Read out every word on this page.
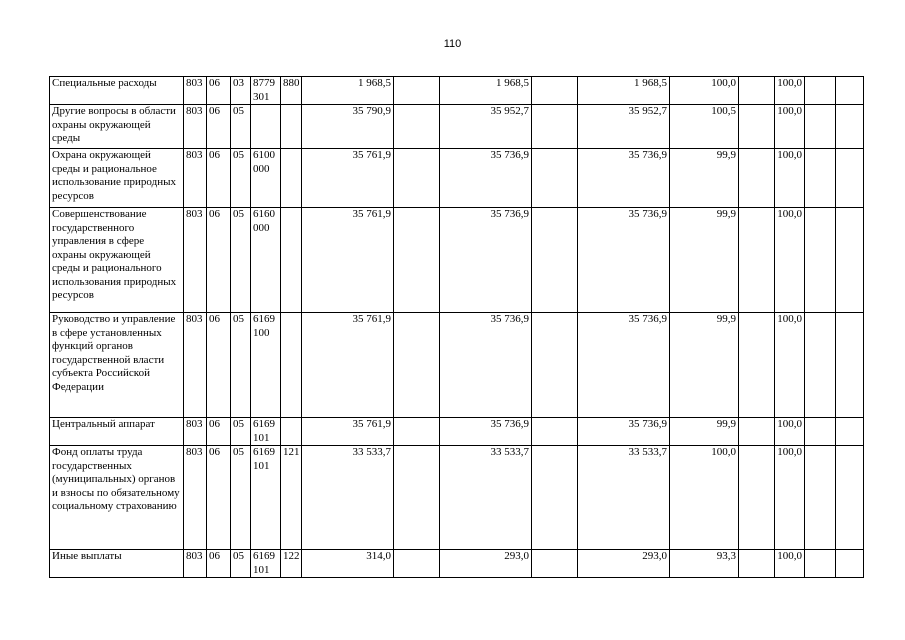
110
Специальные расходы	803	06	03	8779 301	880	1 968,5		1 968,5		1 968,5	100,0		100,0		
Другие вопросы в области охраны окружающей среды	803	06	05			35 790,9		35 952,7		35 952,7	100,5		100,0		
Охрана окружающей среды и рациональное использование природных ресурсов	803	06	05	6100 000		35 761,9		35 736,9		35 736,9	99,9		100,0		
Совершенствование государственного управления в сфере охраны окружающей среды и рационального использования природных ресурсов	803	06	05	6160 000		35 761,9		35 736,9		35 736,9	99,9		100,0		
Руководство и управление в сфере установленных функций органов государственной власти субъекта Российской Федерации	803	06	05	6169 100		35 761,9		35 736,9		35 736,9	99,9		100,0		
Центральный аппарат	803	06	05	6169 101		35 761,9		35 736,9		35 736,9	99,9		100,0		
Фонд оплаты труда государственных (муниципальных) органов и взносы по обязательному социальному страхованию	803	06	05	6169 101	121	33 533,7		33 533,7		33 533,7	100,0		100,0		
Иные выплаты	803	06	05	6169 101	122	314,0		293,0		293,0	93,3		100,0		
